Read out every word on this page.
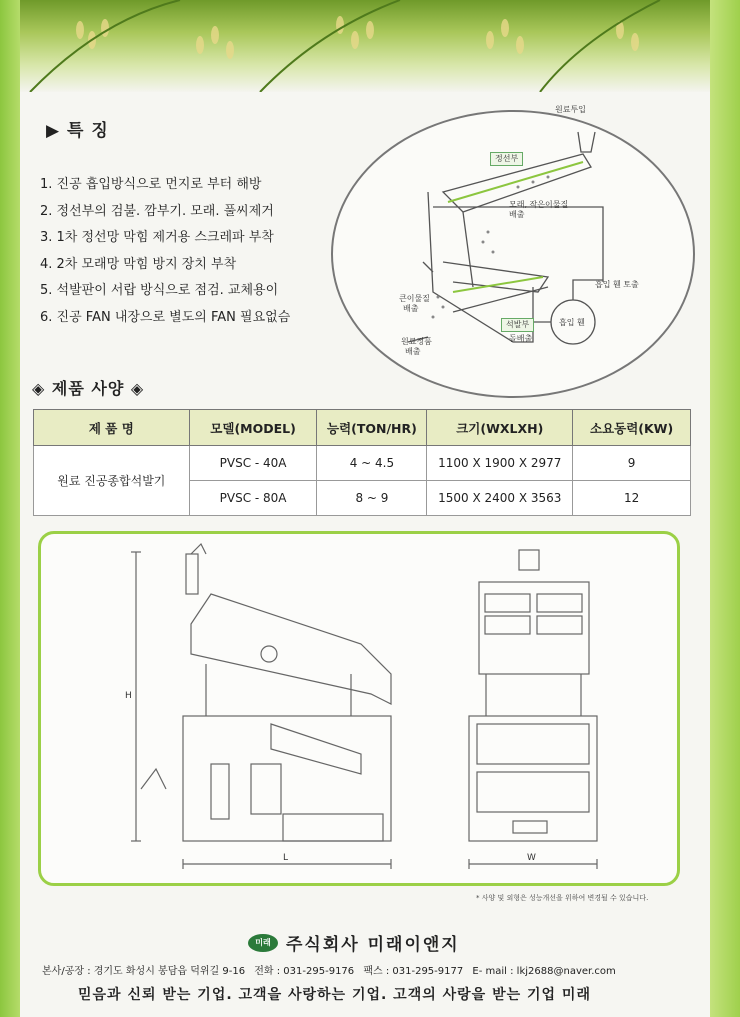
▶ 특 징
1. 진공 흡입방식으로 먼지로 부터 해방
2. 정선부의 검불. 깜부기. 모래. 풀씨제거
3. 1차 정선망 막힘 제거용 스크레파 부착
4. 2차 모래망 막힘 방지 장치 부착
5. 석발판이 서랍 방식으로 점검. 교체용이
6. 진공 FAN 내장으로 별도의 FAN 필요없슴
원료투입
정선부
모래, 작은이물질
배출
큰이물질
배출
흡입 휀 토출
흡입 휀
원료정품
배출
석발부
돌배출
◈ 제품 사양 ◈
제 품 명	모델(MODEL)	능력(TON/HR)	크기(WXLXH)	소요동력(KW)
원료 진공종합석발기	PVSC - 40A	4 ~ 4.5	1100 X 1900 X 2977	9
	PVSC - 80A	8 ~ 9	1500 X 2400 X 3563	12
H
L	W
* 사양 및 외형은 성능개선을 위하여 변경될 수 있습니다.
미래 주식회사 미래이앤지
본사/공장 : 경기도 화성시 봉담읍 덕위길 9-16 전화 : 031-295-9176 팩스 : 031-295-9177 E- mail : lkj2688@naver.com
믿음과 신뢰 받는 기업. 고객을 사랑하는 기업. 고객의 사랑을 받는 기업 미래
